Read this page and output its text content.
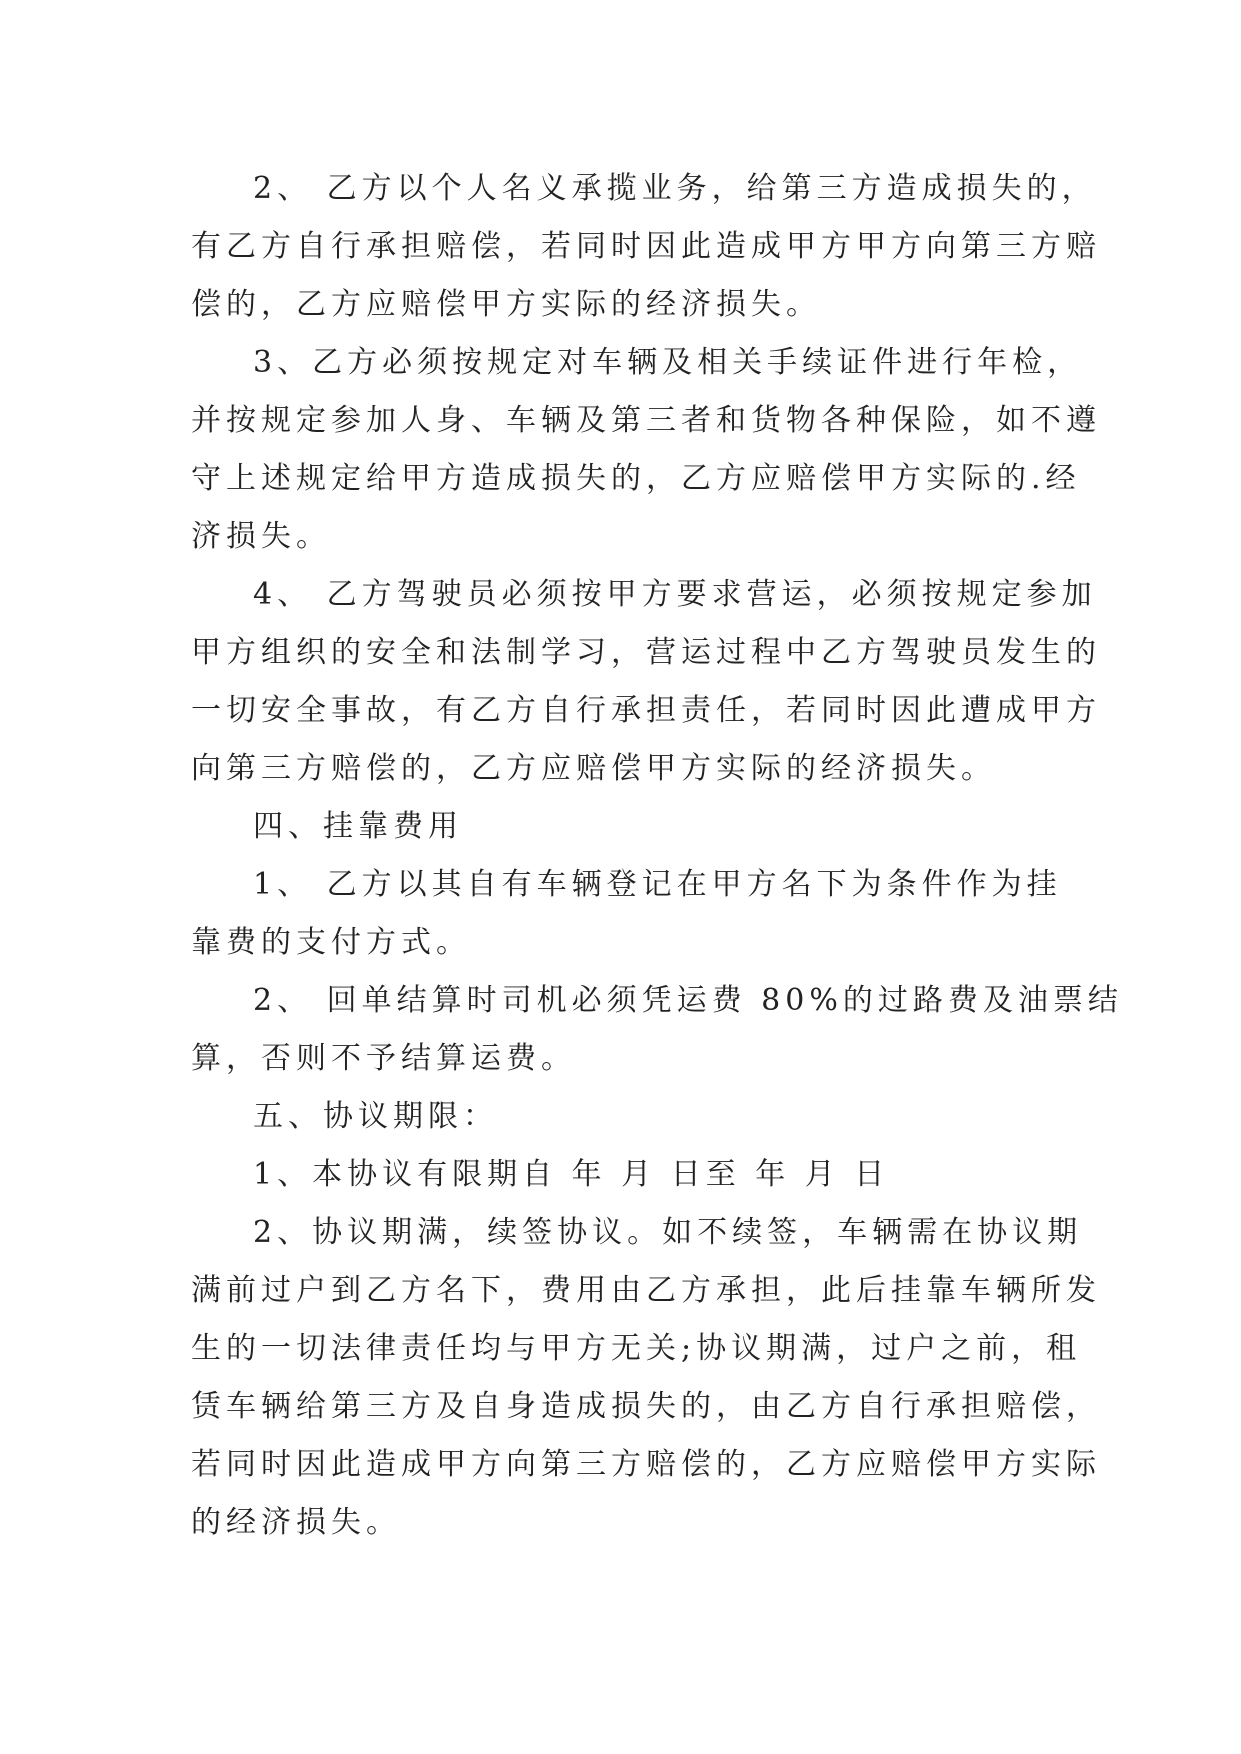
2、 乙方以个人名义承揽业务，给第三方造成损失的，
有乙方自行承担赔偿，若同时因此造成甲方甲方向第三方赔
偿的，乙方应赔偿甲方实际的经济损失。
3、乙方必须按规定对车辆及相关手续证件进行年检，
并按规定参加人身、车辆及第三者和货物各种保险，如不遵
守上述规定给甲方造成损失的，乙方应赔偿甲方实际的.经
济损失。
4、 乙方驾驶员必须按甲方要求营运，必须按规定参加
甲方组织的安全和法制学习，营运过程中乙方驾驶员发生的
一切安全事故，有乙方自行承担责任，若同时因此遭成甲方
向第三方赔偿的，乙方应赔偿甲方实际的经济损失。
四、挂靠费用
1、 乙方以其自有车辆登记在甲方名下为条件作为挂
靠费的支付方式。
2、 回单结算时司机必须凭运费 80%的过路费及油票结
算，否则不予结算运费。
五、协议期限：
1、本协议有限期自 年 月 日至 年 月 日
2、协议期满，续签协议。如不续签，车辆需在协议期
满前过户到乙方名下，费用由乙方承担，此后挂靠车辆所发
生的一切法律责任均与甲方无关;协议期满，过户之前，租
赁车辆给第三方及自身造成损失的，由乙方自行承担赔偿，
若同时因此造成甲方向第三方赔偿的，乙方应赔偿甲方实际
的经济损失。
